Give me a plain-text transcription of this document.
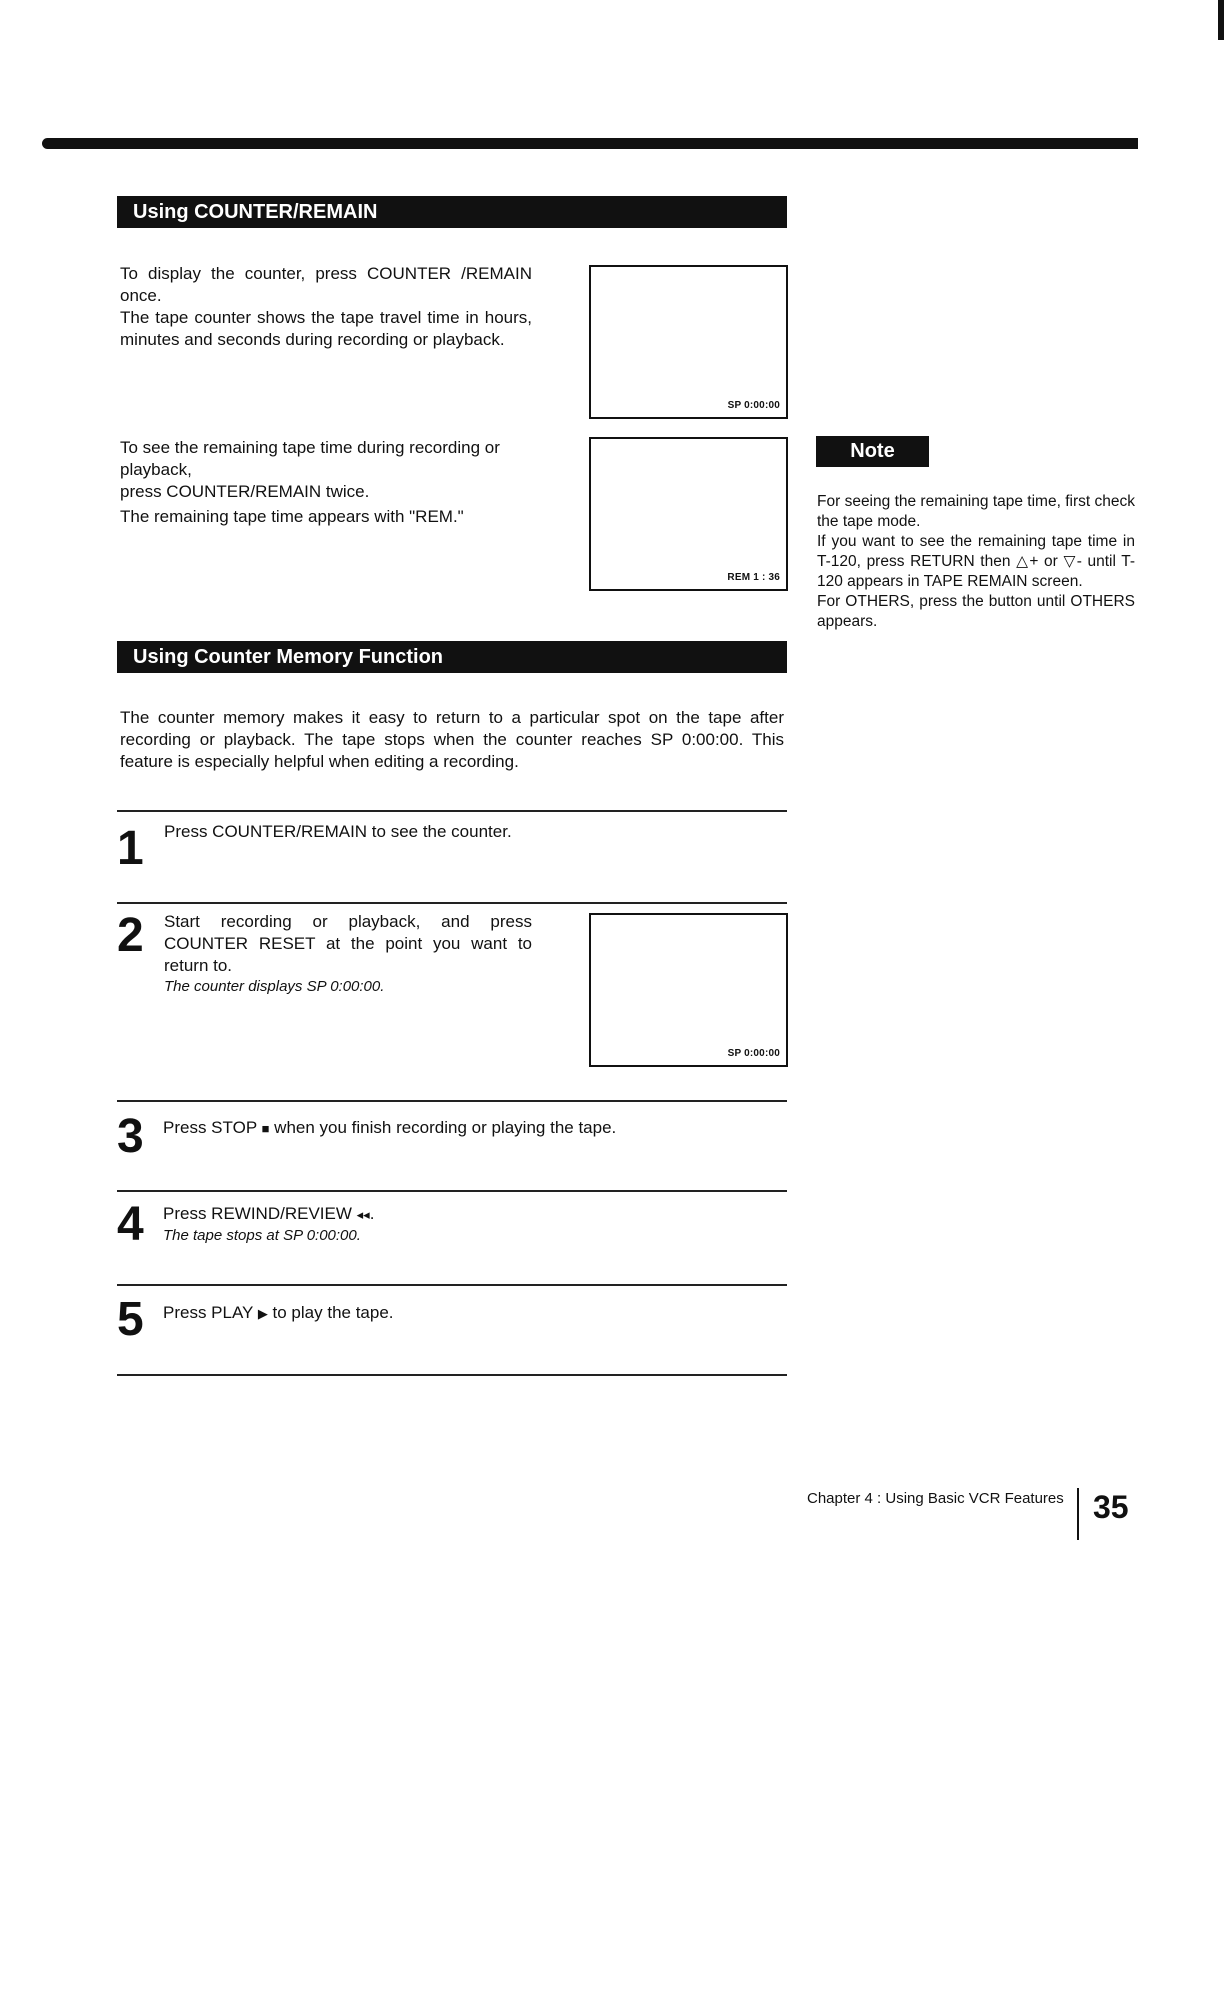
Using COUNTER/REMAIN
To display the counter, press COUNTER /REMAIN once.
The tape counter shows the tape travel time in hours, minutes and seconds during recording or playback.
SP 0:00:00
To see the remaining tape time during recording or playback,
press COUNTER/REMAIN twice.
The remaining tape time appears with "REM."
REM 1 : 36
Note
For seeing the remaining tape time, first check the tape mode.
If you want to see the remaining tape time in T-120, press RETURN then △+ or ▽- until T-120 appears in TAPE REMAIN screen.
For OTHERS, press the button until OTHERS appears.
Using Counter Memory Function
The counter memory makes it easy to return to a particular spot on the tape after recording or playback. The tape stops when the counter reaches SP 0:00:00. This feature is especially helpful when editing a recording.
1 Press COUNTER/REMAIN to see the counter.
2 Start recording or playback, and press COUNTER RESET at the point you want to return to.
The counter displays SP 0:00:00.
SP 0:00:00
3 Press STOP ■ when you finish recording or playing the tape.
4 Press REWIND/REVIEW ◂◂.
The tape stops at SP 0:00:00.
5 Press PLAY ▶ to play the tape.
Chapter 4 : Using Basic VCR Features 35
